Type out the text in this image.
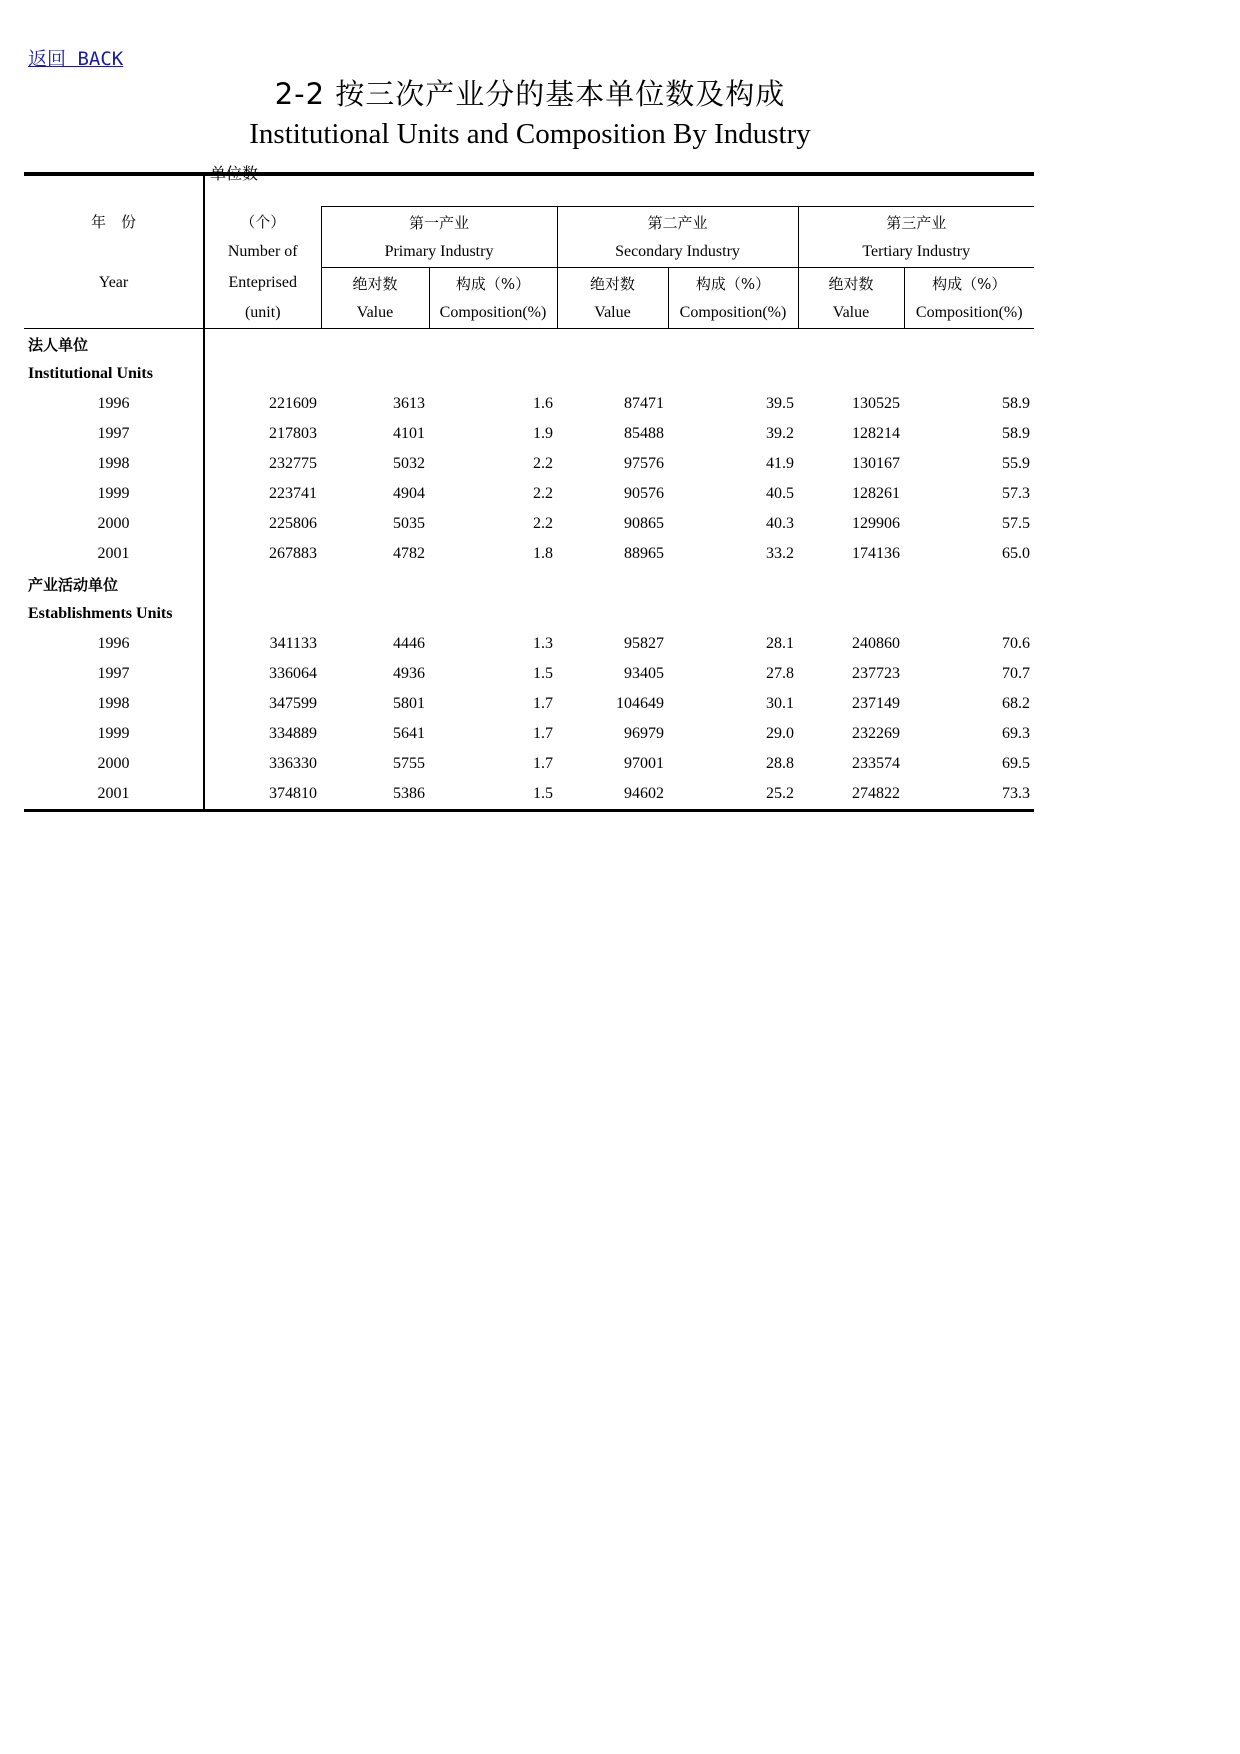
返回 BACK
2-2 按三次产业分的基本单位数及构成
Institutional Units and Composition By Industry
单位数

年　份	（个）	第一产业		第二产业		第三产业	
	Number of	Primary Industry		Secondary Industry		Tertiary Industry	
Year	Enteprised	绝对数	构成（%）	绝对数	构成（%）	绝对数	构成（%）
	(unit)	Value	Composition(%)	Value	Composition(%)	Value	Composition(%)
法人单位							
Institutional Units							
1996	221609	3613	1.6	87471	39.5	130525	58.9
1997	217803	4101	1.9	85488	39.2	128214	58.9
1998	232775	5032	2.2	97576	41.9	130167	55.9
1999	223741	4904	2.2	90576	40.5	128261	57.3
2000	225806	5035	2.2	90865	40.3	129906	57.5
2001	267883	4782	1.8	88965	33.2	174136	65.0
产业活动单位							
Establishments Units							
1996	341133	4446	1.3	95827	28.1	240860	70.6
1997	336064	4936	1.5	93405	27.8	237723	70.7
1998	347599	5801	1.7	104649	30.1	237149	68.2
1999	334889	5641	1.7	96979	29.0	232269	69.3
2000	336330	5755	1.7	97001	28.8	233574	69.5
2001	374810	5386	1.5	94602	25.2	274822	73.3
